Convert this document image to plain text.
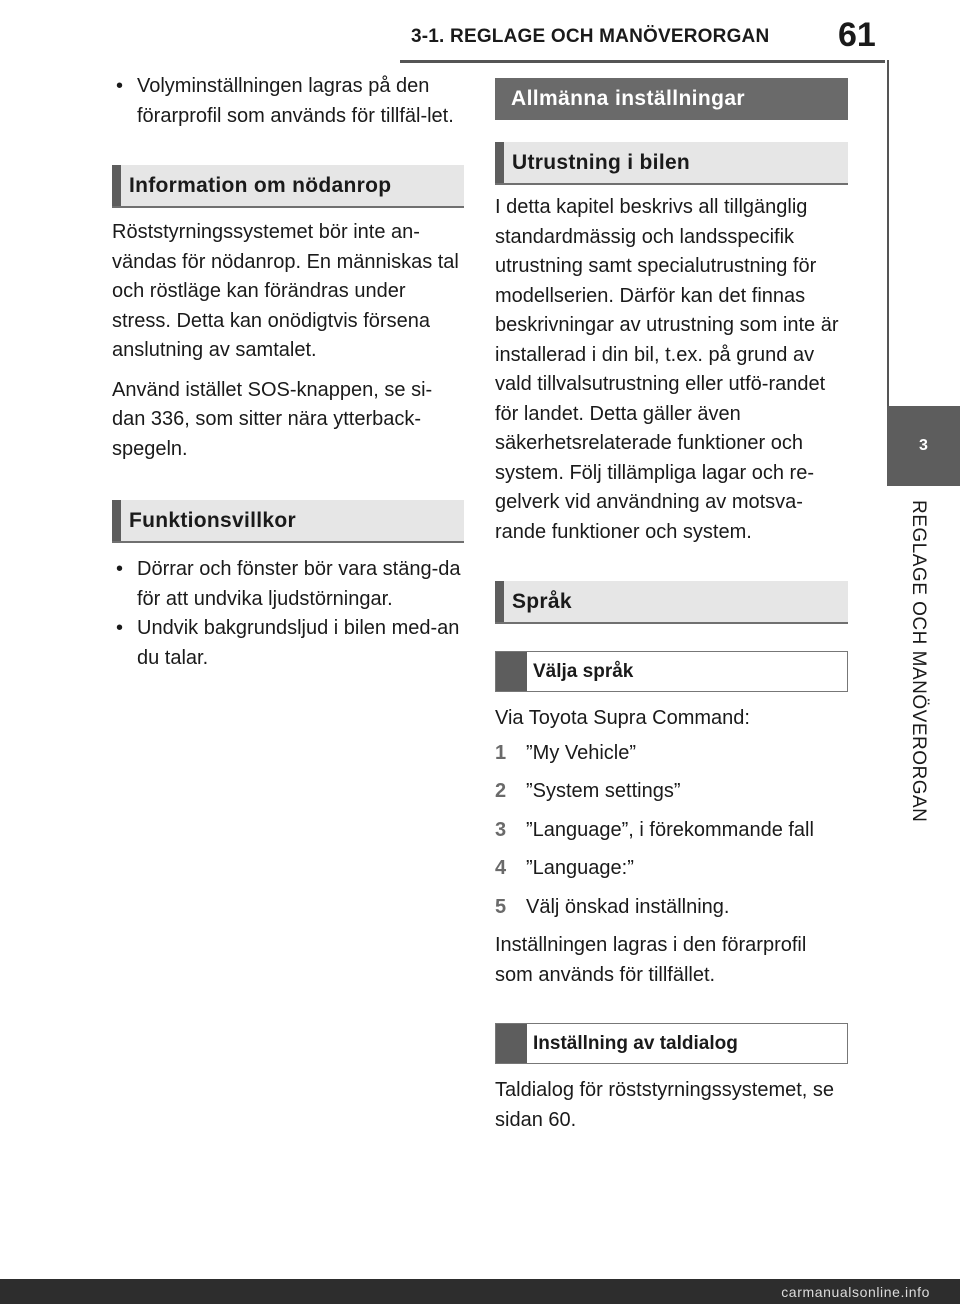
3-1. REGLAGE OCH MANÖVERORGAN 61
3
REGLAGE OCH MANÖVERORGAN

• Volyminställningen lagras på den förarprofil som används för tillfäl-let.

Information om nödanrop

Röststyrningssystemet bör inte an-vändas för nödanrop. En människas tal och röstläge kan förändras under stress. Detta kan onödigtvis försena anslutning av samtalet.

Använd istället SOS-knappen, se si-dan 336, som sitter nära ytterback-spegeln.

Funktionsvillkor

• Dörrar och fönster bör vara stäng-da för att undvika ljudstörningar.

• Undvik bakgrundsljud i bilen med-an du talar.

Allmänna inställningar
Utrustning i bilen

I detta kapitel beskrivs all tillgänglig standardmässig och landsspecifik utrustning samt specialutrustning för modellserien. Därför kan det finnas beskrivningar av utrustning som inte är installerad i din bil, t.ex. på grund av vald tillvalsutrustning eller utfö-randet för landet. Detta gäller även säkerhetsrelaterade funktioner och system. Följ tillämpliga lagar och re-gelverk vid användning av motsva-rande funktioner och system.

Språk
Välja språk

Via Toyota Supra Command:

1 ”My Vehicle”
2 ”System settings”
3 ”Language”, i förekommande fall
4 ”Language:”
5 Välj önskad inställning.

Inställningen lagras i den förarprofil som används för tillfället.

Inställning av taldialog

Taldialog för röststyrningssystemet, se sidan 60.

carmanualsonline.info
